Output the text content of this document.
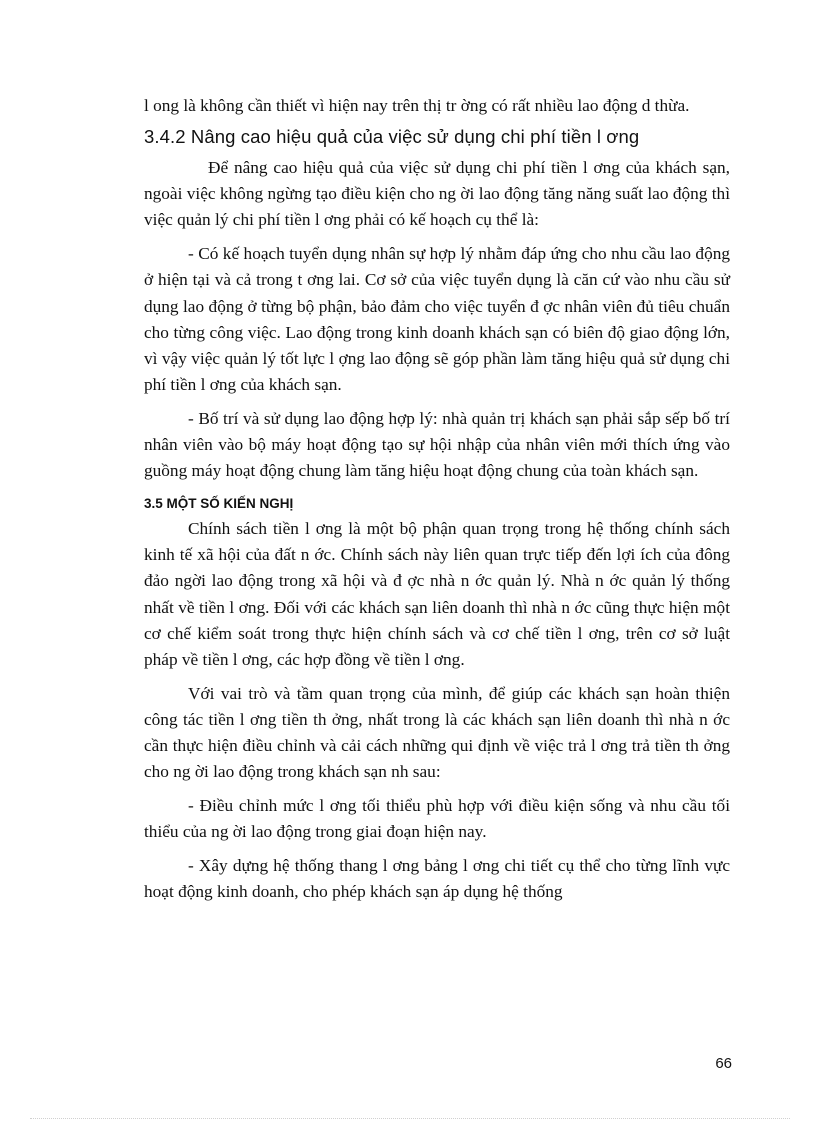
l ong là không cần thiết vì hiện nay trên thị tr ờng có rất nhiều lao động d thừa.

3.4.2 Nâng cao hiệu quả của việc sử dụng chi phí tiền l ơng

Để nâng cao hiệu quả của việc sử dụng chi phí tiền l ơng của khách sạn, ngoài việc không ngừng tạo điều kiện cho ng ời lao động tăng năng suất lao động thì việc quản lý chi phí tiền l ơng phải có kế hoạch cụ thể là:

- Có kế hoạch tuyển dụng nhân sự hợp lý nhằm đáp ứng cho nhu cầu lao động ở hiện tại và cả trong t ơng lai. Cơ sở của việc tuyển dụng là căn cứ vào nhu cầu sử dụng lao động ở từng bộ phận, bảo đảm cho việc tuyển đ ợc nhân viên đủ tiêu chuẩn cho từng công việc. Lao động trong kinh doanh khách sạn có biên độ giao động lớn, vì vậy việc quản lý tốt lực l ợng lao động sẽ góp phần làm tăng hiệu quả sử dụng chi phí tiền l ơng của khách sạn.

- Bố trí và sử dụng lao động hợp lý: nhà quản trị khách sạn phải sắp sếp bố trí nhân viên vào bộ máy hoạt động tạo sự hội nhập của nhân viên mới thích ứng vào guồng máy hoạt động chung làm tăng hiệu hoạt động chung của toàn khách sạn.

3.5 MỘT SỐ KIẾN NGHỊ

Chính sách tiền l ơng là một bộ phận quan trọng trong hệ thống chính sách kinh tế xã hội của đất n ớc. Chính sách này liên quan trực tiếp đến lợi ích của đông đảo ngời lao động trong xã hội và đ ợc nhà n ớc quản lý. Nhà n ớc quản lý thống nhất về tiền l ơng. Đối với các khách sạn liên doanh thì nhà n ớc cũng thực hiện một cơ chế kiểm soát trong thực hiện chính sách và cơ chế tiền l ơng, trên cơ sở luật pháp về tiền l ơng, các hợp đồng về tiền l ơng.

Với vai trò và tầm quan trọng của mình, để giúp các khách sạn hoàn thiện công tác tiền l ơng tiền th ởng, nhất trong là các khách sạn liên doanh thì nhà n ớc cần thực hiện điều chỉnh và cải cách những qui định về việc trả l ơng trả tiền th ởng cho ng ời lao động trong khách sạn nh sau:

- Điều chỉnh mức l ơng tối thiểu phù hợp với điều kiện sống và nhu cầu tối thiểu của ng ời lao động trong giai đoạn hiện nay.

- Xây dựng hệ thống thang l ơng bảng l ơng chi tiết cụ thể cho từng lĩnh vực hoạt động kinh doanh, cho phép khách sạn áp dụng hệ thống

66
